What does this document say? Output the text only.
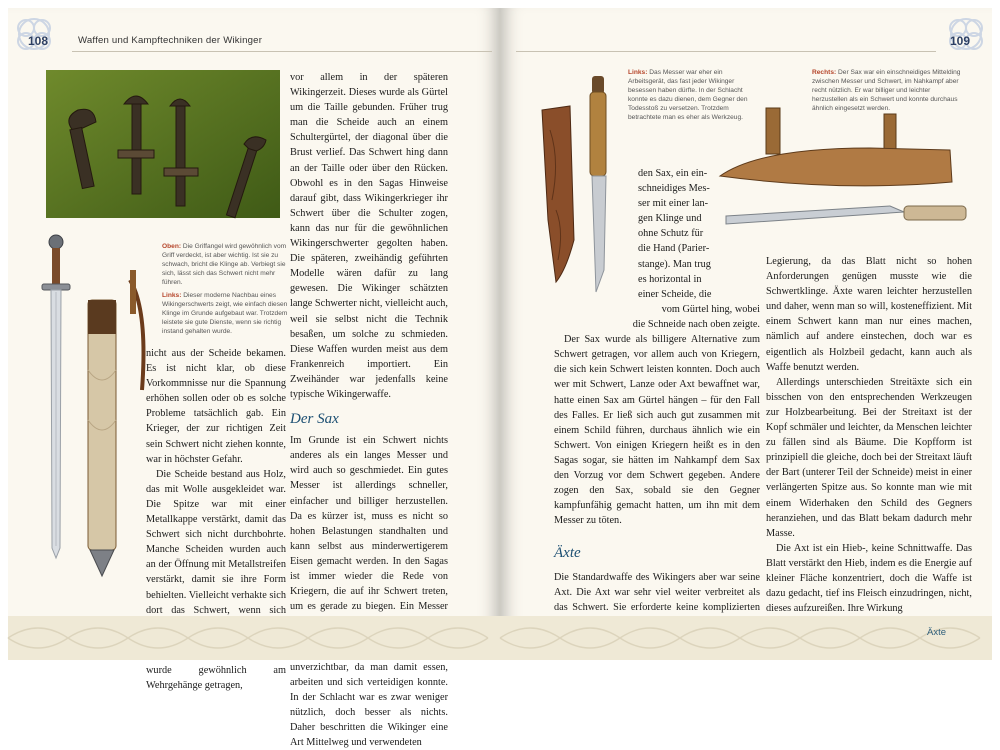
108	Waffen und Kampftechniken der Wikinger
Oben: Die Griffangel wird gewöhnlich vom Griff verdeckt, ist aber wichtig. Ist sie zu schwach, bricht die Klinge ab. Verbiegt sie sich, lässt sich das Schwert nicht mehr führen.
Links: Dieser moderne Nachbau eines Wikingerschwerts zeigt, wie einfach diesen Klinge im Grunde aufgebaut war. Trotzdem leistete sie gute Dienste, wenn sie richtig instand gehalten wurde.

nicht aus der Scheide bekamen. Es ist nicht klar, ob diese Vorkommnisse nur die Spannung erhöhen sollen oder ob es solche Probleme tatsächlich gab. Ein Krieger, der zur richtigen Zeit sein Schwert nicht ziehen konnte, war in höchster Gefahr.

Die Scheide bestand aus Holz, das mit Wolle ausgekleidet war. Die Spitze war mit einer Metallkappe verstärkt, damit das Schwert sich nicht durchbohrte. Manche Scheiden wurden auch an der Öffnung mit Metallstreifen verstärkt, damit sie ihre Form behielten. Vielleicht verhakte sich dort das Schwert, wenn sich

wurde gewöhnlich am Wehrgehänge getragen,

vor allem in der späteren Wikingerzeit. Dieses wurde als Gürtel um die Taille gebunden. Früher trug man die Scheide auch an einem Schultergürtel, der diagonal über die Brust verlief. Das Schwert hing dann an der Taille oder über den Rücken. Obwohl es in den Sagas Hinweise darauf gibt, dass Wikingerkrieger ihr Schwert über die Schulter zogen, kann das nur für die gewöhnlichen Wikingerschwerter gegolten haben. Die späteren, zweihändig geführten Modelle wären dafür zu lang gewesen. Die Wikinger schätzten lange Schwerter nicht, vielleicht auch, weil sie selbst nicht die Technik besaßen, um solche zu schmieden. Diese Waffen wurden meist aus dem Frankenreich importiert. Ein Zweihänder war jedenfalls keine typische Wikingerwaffe.

Der Sax

Im Grunde ist ein Schwert nichts anderes als ein langes Messer und wird auch so geschmiedet. Ein gutes Messer ist allerdings schneller, einfacher und billiger herzustellen. Da es kürzer ist, muss es nicht so hohen Belastungen standhalten und kann selbst aus minderwertigerem Eisen gemacht werden. In den Sagas ist immer wieder die Rede von Kriegern, die auf ihr Schwert treten, um es gerade zu biegen. Ein Messer

unverzichtbar, da man damit essen, arbeiten und sich verteidigen konnte. In der Schlacht war es zwar weniger nützlich, doch besser als nichts. Daher beschritten die Wikinger eine Art Mittelweg und verwendeten

109
Links: Das Messer war eher ein Arbeitsgerät, das fast jeder Wikinger besessen haben dürfte. In der Schlacht konnte es dazu dienen, dem Gegner den Todesstoß zu versetzen. Trotzdem betrachtete man es eher als Werkzeug.
Rechts: Der Sax war ein einschneidiges Mittelding zwischen Messer und Schwert, im Nahkampf aber recht nützlich. Er war billiger und leichter herzustellen als ein Schwert und konnte durchaus ähnlich eingesetzt werden.
den Sax, ein ein-
schneidiges Mes-
ser mit einer lan-
gen Klinge und
ohne Schutz für
die Hand (Parier-
stange). Man trug
es horizontal in
einer Scheide, die
vom Gürtel hing, wobei
die Schneide nach oben zeigte.

Der Sax wurde als billigere Alternative zum Schwert getragen, vor allem auch von Kriegern, die sich kein Schwert leisten konnten. Doch auch wer mit Schwert, Lanze oder Axt bewaffnet war, hatte einen Sax am Gürtel hängen – für den Fall des Falles. Er ließ sich auch gut zusammen mit einem Schild führen, durchaus ähnlich wie ein Schwert. Von einigen Kriegern heißt es in den Sagas sogar, sie hätten im Nahkampf dem Sax den Vorzug vor dem Schwert gegeben. Andere zogen den Sax, sobald sie den Gegner kampfunfähig gemacht hatten, um ihn mit dem Messer zu töten.

Äxte

Die Standardwaffe des Wikingers aber war seine Axt. Die Axt war sehr viel weiter verbreitet als das Schwert. Sie erforderte keine komplizierten

Legierung, da das Blatt nicht so hohen Anforderungen genügen musste wie die Schwertklinge. Äxte waren leichter herzustellen und daher, wenn man so will, kosteneffizient. Mit einem Schwert kann man nur eines machen, nämlich auf andere einstechen, doch war es eigentlich als Holzbeil gedacht, kann auch als Waffe benutzt werden.

Allerdings unterschieden Streitäxte sich ein bisschen von den entsprechenden Werkzeugen zur Holzbearbeitung. Bei der Streitaxt ist der Kopf schmäler und leichter, da Menschen leichter zu fällen sind als Bäume. Die Kopfform ist prinzipiell die gleiche, doch bei der Streitaxt läuft der Bart (unterer Teil der Schneide) meist in einer verlängerten Spitze aus. So konnte man wie mit einem Widerhaken den Schild des Gegners heranziehen, und das Blatt bekam dadurch mehr Masse.

Die Axt ist ein Hieb-, keine Schnittwaffe. Das Blatt verstärkt den Hieb, indem es die Energie auf kleiner Fläche konzentriert, doch die Waffe ist dazu gedacht, tief ins Fleisch einzudringen, nicht, dieses aufzureißen. Ihre Wirkung

Äxte
